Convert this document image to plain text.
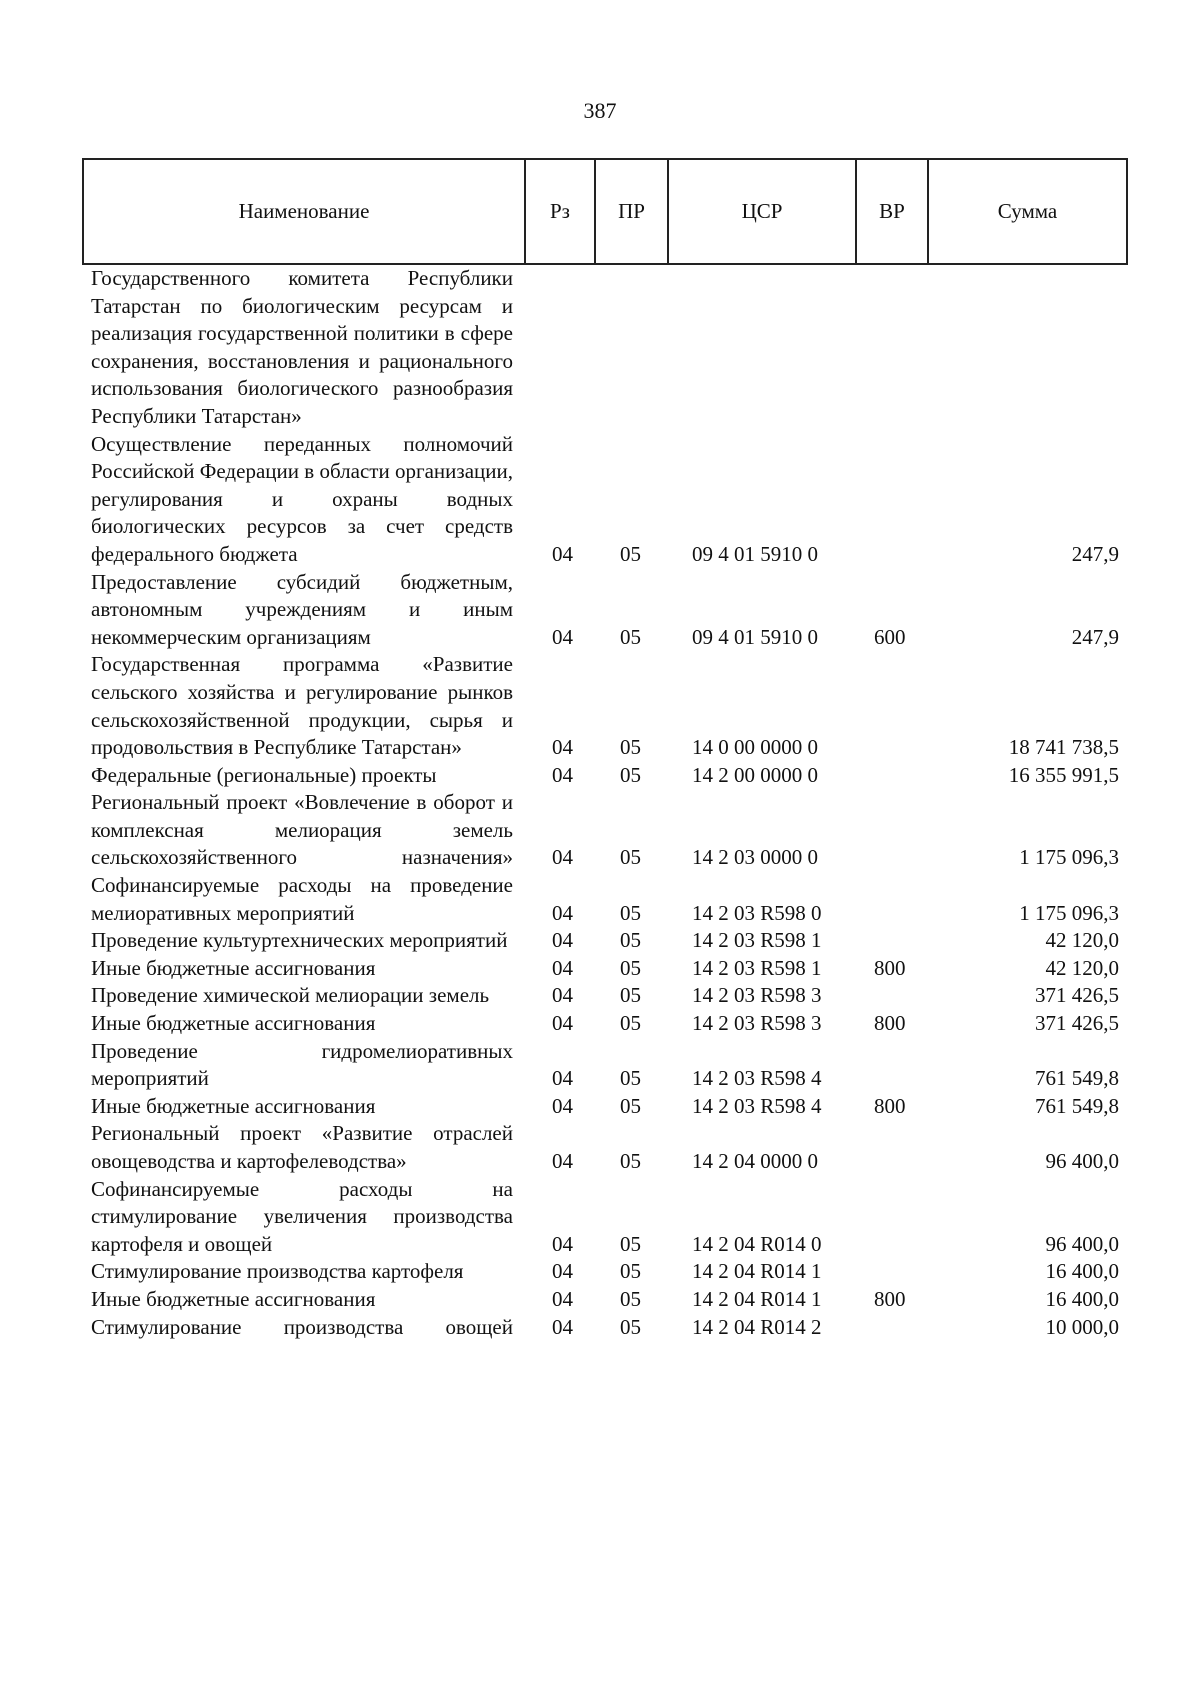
387
Наименование	Рз	ПР	ЦСР	ВР	Сумма
Государственного комитета Республики Татарстан по биологическим ресурсам и реализация государственной политики в сфере сохранения, восстановления и рационального использования биологического разнообразия Республики Татарстан»					
Осуществление переданных полномочий Российской Федерации в области организации, регулирования и охраны водных биологических ресурсов за счет средств федерального бюджета	04	05	09 4 01 5910 0		247,9
Предоставление субсидий бюджетным, автономным учреждениям и иным некоммерческим организациям	04	05	09 4 01 5910 0	600	247,9
Государственная программа «Развитие сельского хозяйства и регулирование рынков сельскохозяйственной продукции, сырья и продовольствия в Республике Татарстан»	04	05	14 0 00 0000 0		18 741 738,5
Федеральные (региональные) проекты	04	05	14 2 00 0000 0		16 355 991,5
Региональный проект «Вовлечение в оборот и комплексная мелиорация земель сельскохозяйственного назначения»	04	05	14 2 03 0000 0		1 175 096,3
Софинансируемые расходы на проведение мелиоративных мероприятий	04	05	14 2 03 R598 0		1 175 096,3
Проведение культуртехнических мероприятий	04	05	14 2 03 R598 1		42 120,0
Иные бюджетные ассигнования	04	05	14 2 03 R598 1	800	42 120,0
Проведение химической мелиорации земель	04	05	14 2 03 R598 3		371 426,5
Иные бюджетные ассигнования	04	05	14 2 03 R598 3	800	371 426,5
Проведение гидромелиоративных мероприятий	04	05	14 2 03 R598 4		761 549,8
Иные бюджетные ассигнования	04	05	14 2 03 R598 4	800	761 549,8
Региональный проект «Развитие отраслей овощеводства и картофелеводства»	04	05	14 2 04 0000 0		96 400,0
Софинансируемые расходы на стимулирование увеличения производства картофеля и овощей	04	05	14 2 04 R014 0		96 400,0
Стимулирование производства картофеля	04	05	14 2 04 R014 1		16 400,0
Иные бюджетные ассигнования	04	05	14 2 04 R014 1	800	16 400,0
Стимулирование производства овощей	04	05	14 2 04 R014 2		10 000,0
